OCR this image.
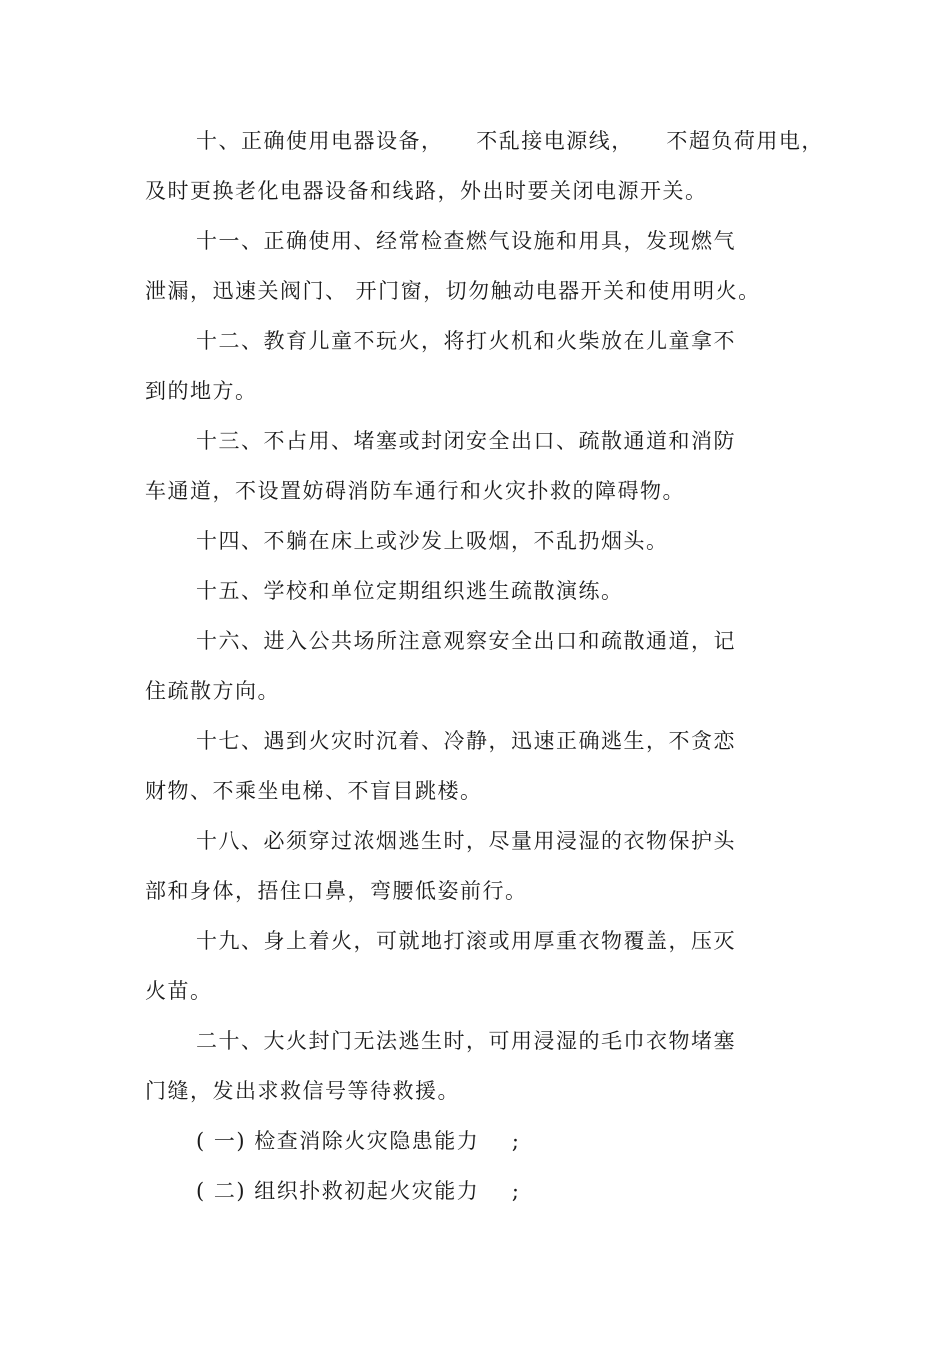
十、正确使用电器设备，    不乱接电源线，    不超负荷用电，
及时更换老化电器设备和线路，外出时要关闭电源开关。
十一、正确使用、经常检查燃气设施和用具，发现燃气
泄漏，迅速关阀门、 开门窗，切勿触动电器开关和使用明火。
十二、教育儿童不玩火，将打火机和火柴放在儿童拿不
到的地方。
十三、不占用、堵塞或封闭安全出口、疏散通道和消防
车通道，不设置妨碍消防车通行和火灾扑救的障碍物。
十四、不躺在床上或沙发上吸烟，不乱扔烟头。
十五、学校和单位定期组织逃生疏散演练。
十六、进入公共场所注意观察安全出口和疏散通道，记
住疏散方向。
十七、遇到火灾时沉着、冷静，迅速正确逃生，不贪恋
财物、不乘坐电梯、不盲目跳楼。
十八、必须穿过浓烟逃生时，尽量用浸湿的衣物保护头
部和身体，捂住口鼻，弯腰低姿前行。
十九、身上着火，可就地打滚或用厚重衣物覆盖，压灭
火苗。
二十、大火封门无法逃生时，可用浸湿的毛巾衣物堵塞
门缝，发出求救信号等待救援。
( 一) 检查消除火灾隐患能力    ;
( 二) 组织扑救初起火灾能力    ;
